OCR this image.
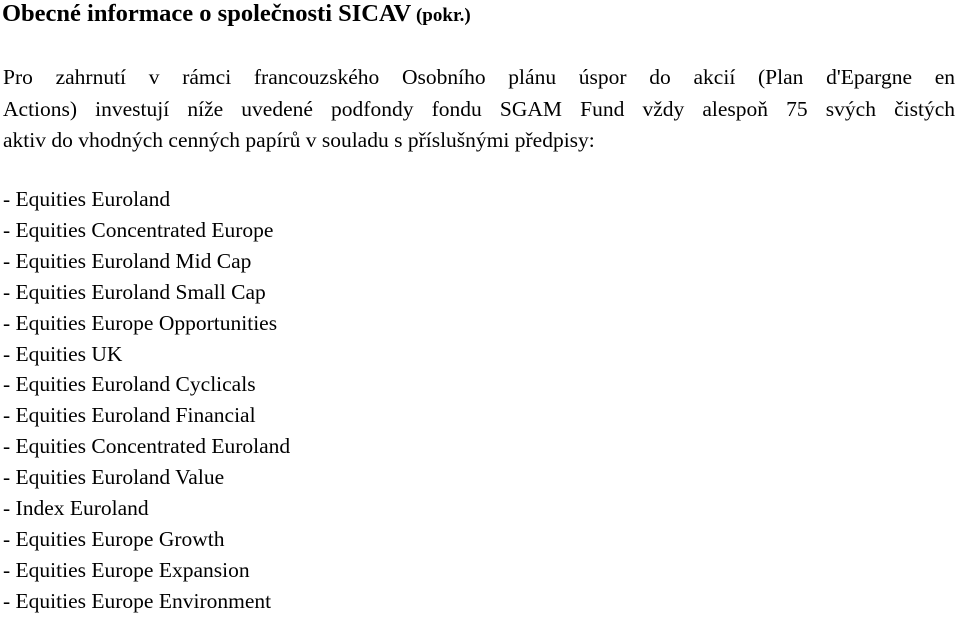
Obecné informace o společnosti SICAV (pokr.)

Pro zahrnutí v rámci francouzského Osobního plánu úspor do akcií (Plan d'Epargne en
Actions) investují níže uvedené podfondy fondu SGAM Fund vždy alespoň 75 svých čistých
aktiv do vhodných cenných papírů v souladu s příslušnými předpisy:

- Equities Euroland
- Equities Concentrated Europe
- Equities Euroland Mid Cap
- Equities Euroland Small Cap
- Equities Europe Opportunities
- Equities UK
- Equities Euroland Cyclicals
- Equities Euroland Financial
- Equities Concentrated Euroland
- Equities Euroland Value
- Index Euroland
- Equities Europe Growth
- Equities Europe Expansion
- Equities Europe Environment
